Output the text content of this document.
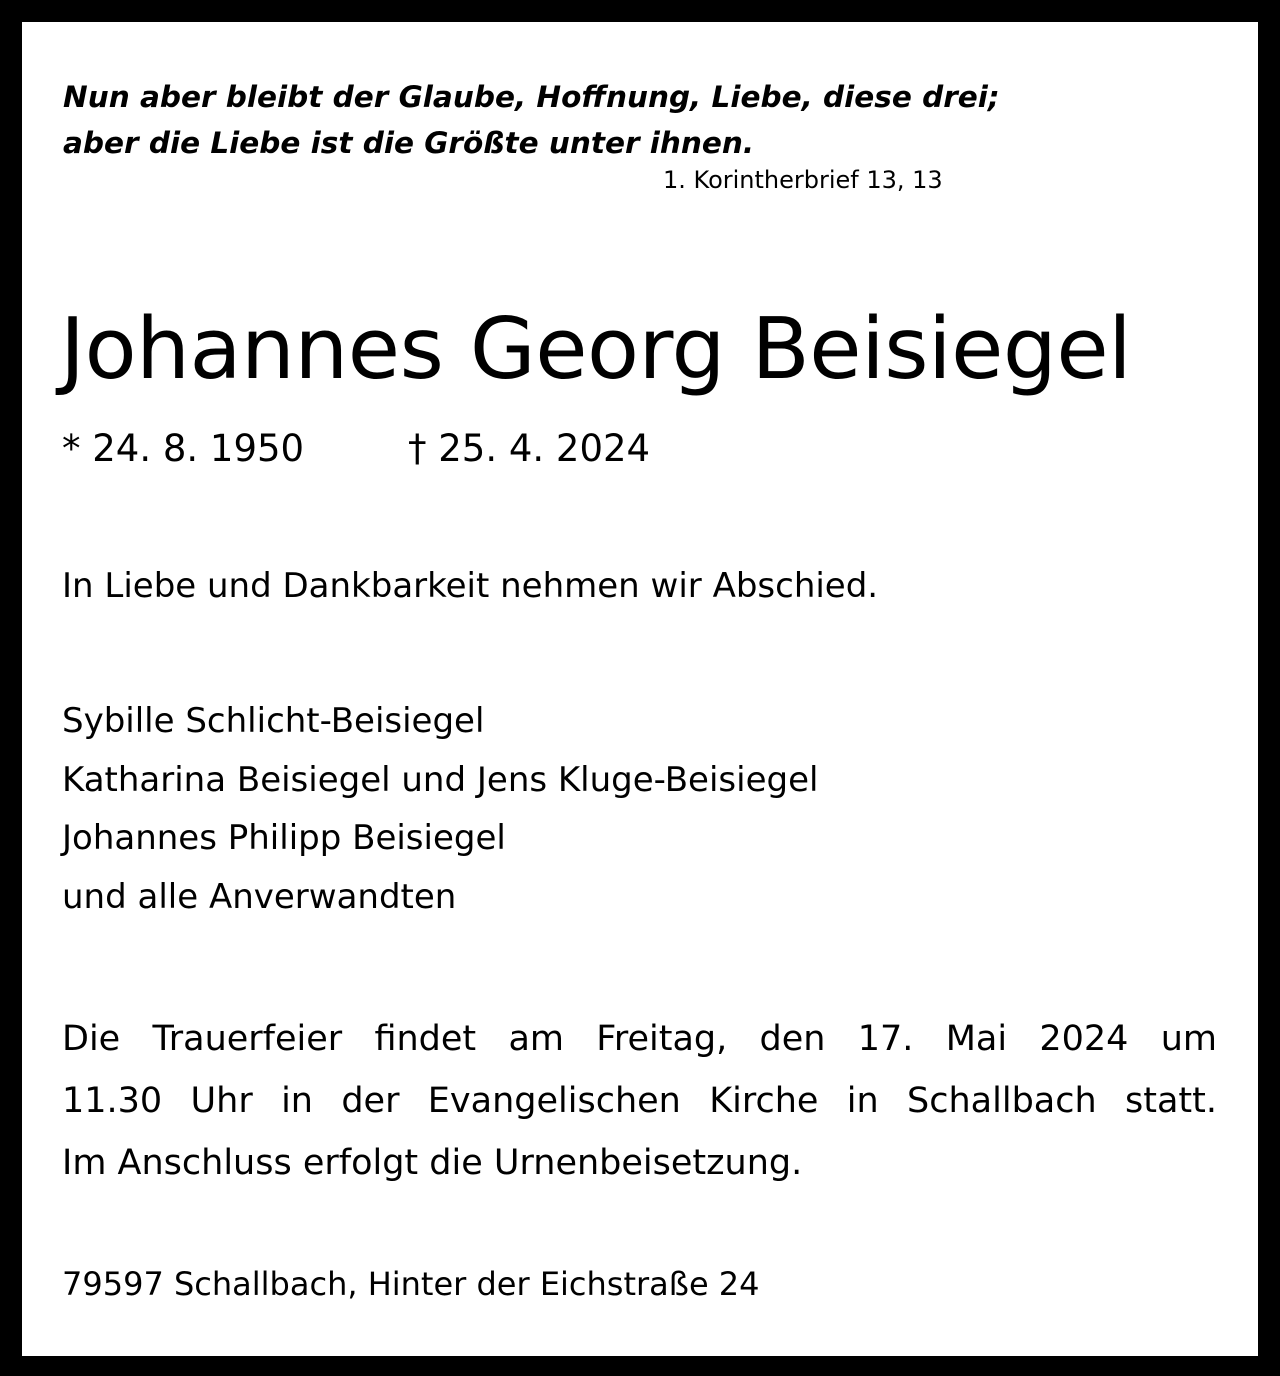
Nun aber bleibt der Glaube, Hoffnung, Liebe, diese drei;
aber die Liebe ist die Größte unter ihnen.
1. Korintherbrief 13, 13
Johannes Georg Beisiegel
* 24. 8. 1950	† 25. 4. 2024
In Liebe und Dankbarkeit nehmen wir Abschied.
Sybille Schlicht-Beisiegel
Katharina Beisiegel und Jens Kluge-Beisiegel
Johannes Philipp Beisiegel
und alle Anverwandten
Die Trauerfeier findet am Freitag, den 17. Mai 2024 um
11.30 Uhr in der Evangelischen Kirche in Schallbach statt.
Im Anschluss erfolgt die Urnenbeisetzung.
79597 Schallbach, Hinter der Eichstraße 24
